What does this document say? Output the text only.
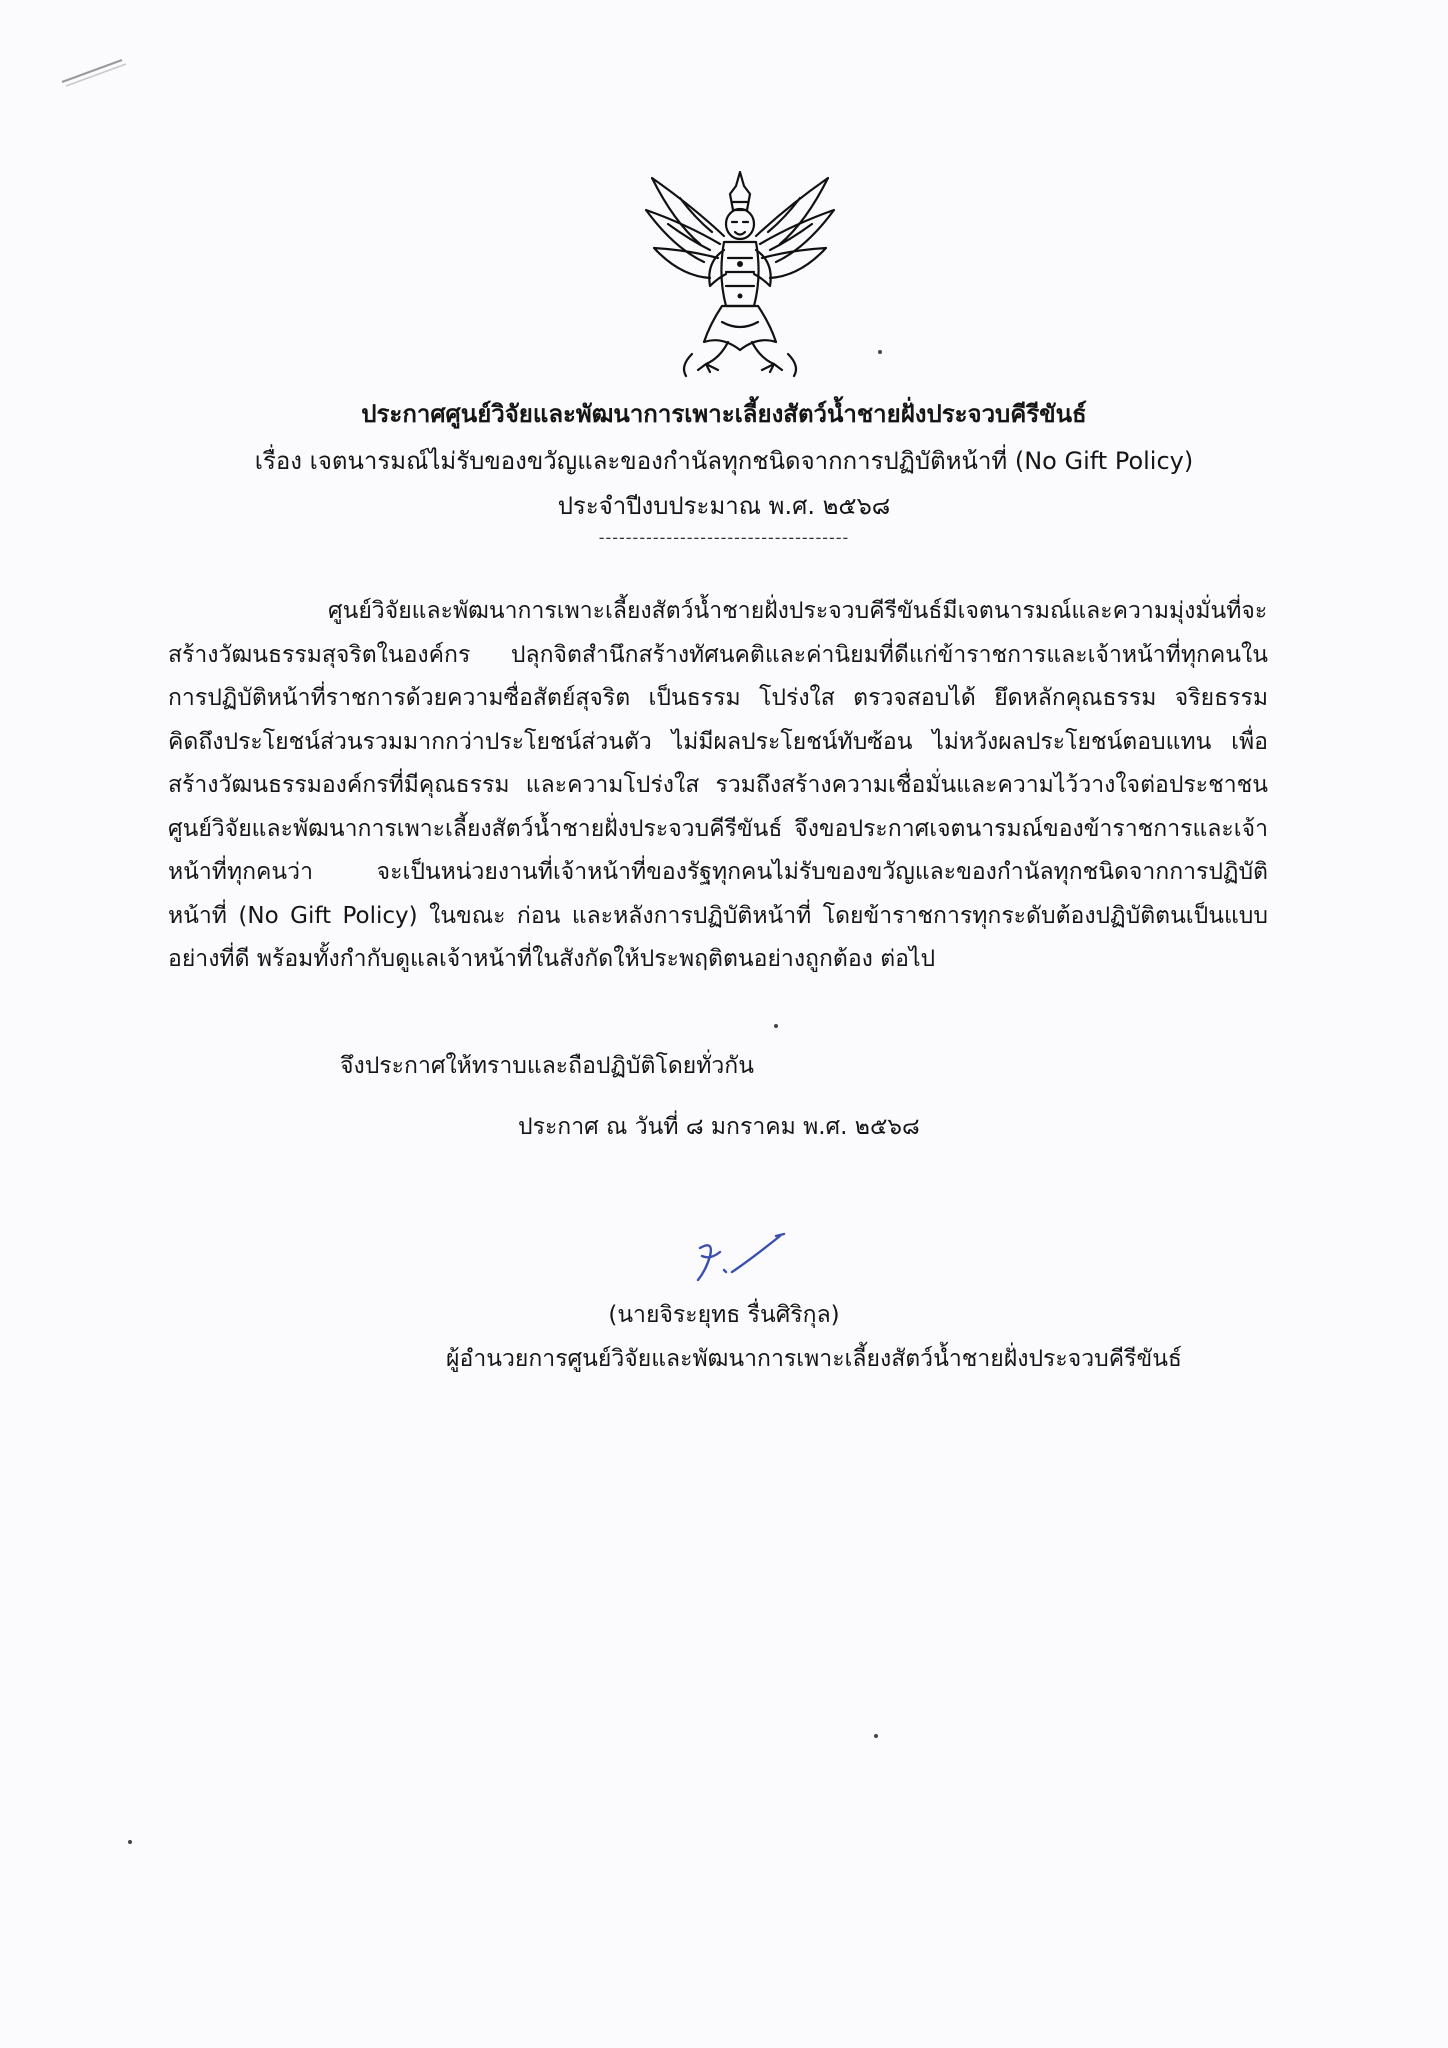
ประกาศศูนย์วิจัยและพัฒนาการเพาะเลี้ยงสัตว์น้ำชายฝั่งประจวบคีรีขันธ์
เรื่อง เจตนารมณ์ไม่รับของขวัญและของกำนัลทุกชนิดจากการปฏิบัติหน้าที่ (No Gift Policy)
ประจำปีงบประมาณ พ.ศ. ๒๕๖๘
-------------------------------------

ศูนย์วิจัยและพัฒนาการเพาะเลี้ยงสัตว์น้ำชายฝั่งประจวบคีรีขันธ์มีเจตนารมณ์และความมุ่งมั่นที่จะสร้างวัฒนธรรมสุจริตในองค์กร ปลุกจิตสำนึกสร้างทัศนคติและค่านิยมที่ดีแก่ข้าราชการและเจ้าหน้าที่ทุกคนในการปฏิบัติหน้าที่ราชการด้วยความซื่อสัตย์สุจริต เป็นธรรม โปร่งใส ตรวจสอบได้ ยึดหลักคุณธรรม จริยธรรม คิดถึงประโยชน์ส่วนรวมมากกว่าประโยชน์ส่วนตัว ไม่มีผลประโยชน์ทับซ้อน ไม่หวังผลประโยชน์ตอบแทน เพื่อสร้างวัฒนธรรมองค์กรที่มีคุณธรรม และความโปร่งใส รวมถึงสร้างความเชื่อมั่นและความไว้วางใจต่อประชาชน ศูนย์วิจัยและพัฒนาการเพาะเลี้ยงสัตว์น้ำชายฝั่งประจวบคีรีขันธ์ จึงขอประกาศเจตนารมณ์ของข้าราชการและเจ้าหน้าที่ทุกคนว่า จะเป็นหน่วยงานที่เจ้าหน้าที่ของรัฐทุกคนไม่รับของขวัญและของกำนัลทุกชนิดจากการปฏิบัติหน้าที่ (No Gift Policy) ในขณะ ก่อน และหลังการปฏิบัติหน้าที่ โดยข้าราชการทุกระดับต้องปฏิบัติตนเป็นแบบอย่างที่ดี พร้อมทั้งกำกับดูแลเจ้าหน้าที่ในสังกัดให้ประพฤติตนอย่างถูกต้อง ต่อไป

จึงประกาศให้ทราบและถือปฏิบัติโดยทั่วกัน
ประกาศ ณ วันที่ ๘ มกราคม พ.ศ. ๒๕๖๘
(นายจิระยุทธ รื่นศิริกุล)
ผู้อำนวยการศูนย์วิจัยและพัฒนาการเพาะเลี้ยงสัตว์น้ำชายฝั่งประจวบคีรีขันธ์
